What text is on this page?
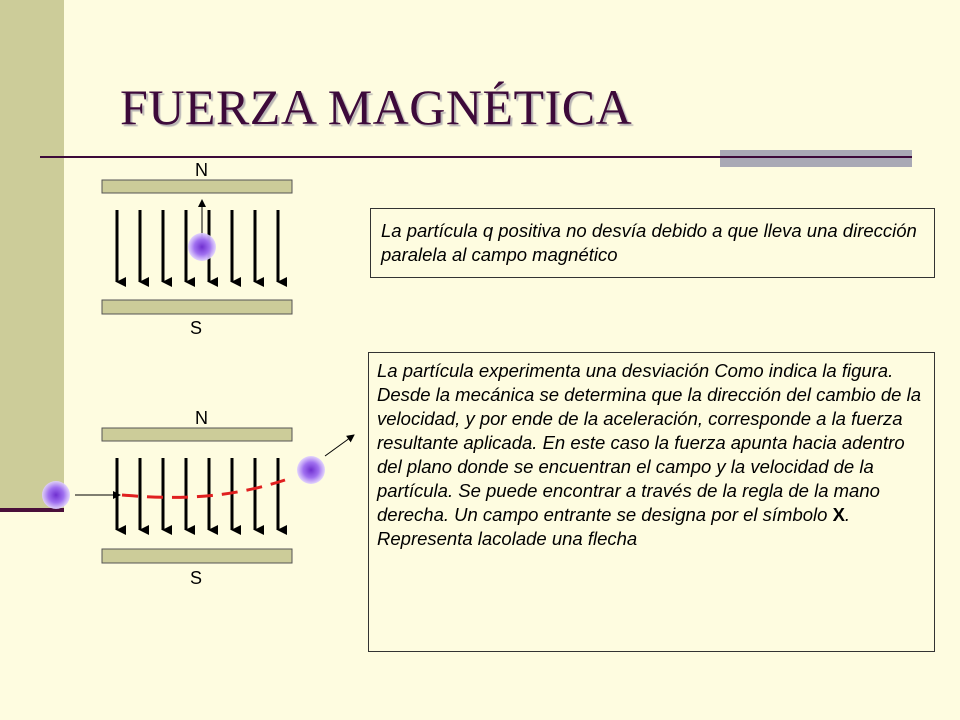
FUERZA MAGNÉTICA
N
S
N
S
La partícula q positiva no desvía debido a que lleva una dirección paralela al campo magnético
La partícula experimenta una desviación Como indica la figura. Desde la mecánica se determina que la dirección del cambio de la velocidad, y por ende de la aceleración, corresponde a la fuerza resultante aplicada. En este caso la fuerza apunta hacia adentro del plano donde se encuentran el campo y la velocidad de la partícula. Se puede encontrar a través de la regla de la mano derecha. Un campo entrante se designa por el símbolo X. Representa lacolade una flecha
